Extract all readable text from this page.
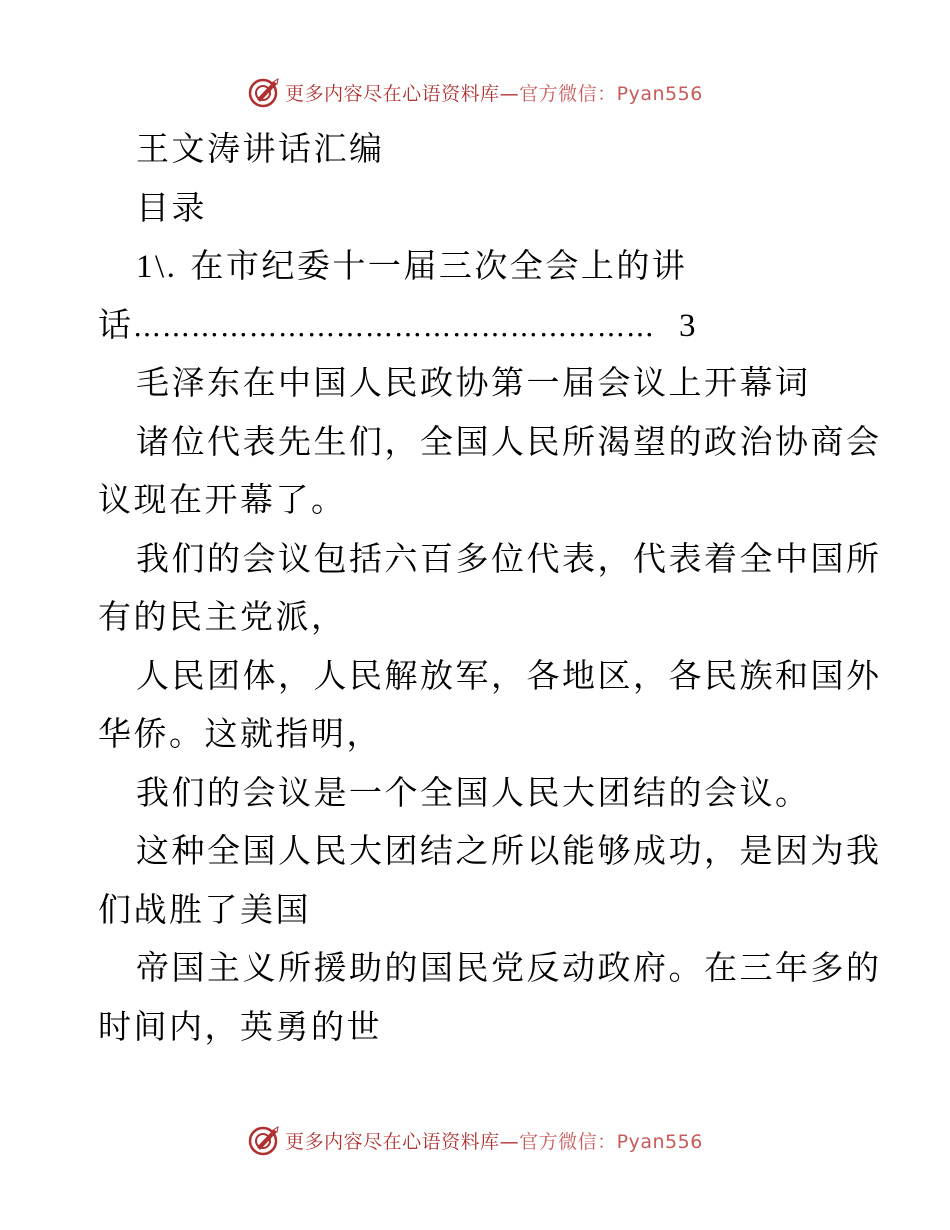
更多内容尽在心语资料库—官方微信：Pyan556
王文涛讲话汇编
目录
1\. 在市纪委十一届三次全会上的讲
话 ……………………………………………… 3
毛泽东在中国人民政协第一届会议上开幕词
诸位代表先生们，全国人民所渴望的政治协商会
议现在开幕了。
我们的会议包括六百多位代表，代表着全中国所
有的民主党派，
人民团体，人民解放军，各地区，各民族和国外
华侨。这就指明，
我们的会议是一个全国人民大团结的会议。
这种全国人民大团结之所以能够成功，是因为我
们战胜了美国
帝国主义所援助的国民党反动政府。在三年多的
时间内，英勇的世
更多内容尽在心语资料库—官方微信：Pyan556
